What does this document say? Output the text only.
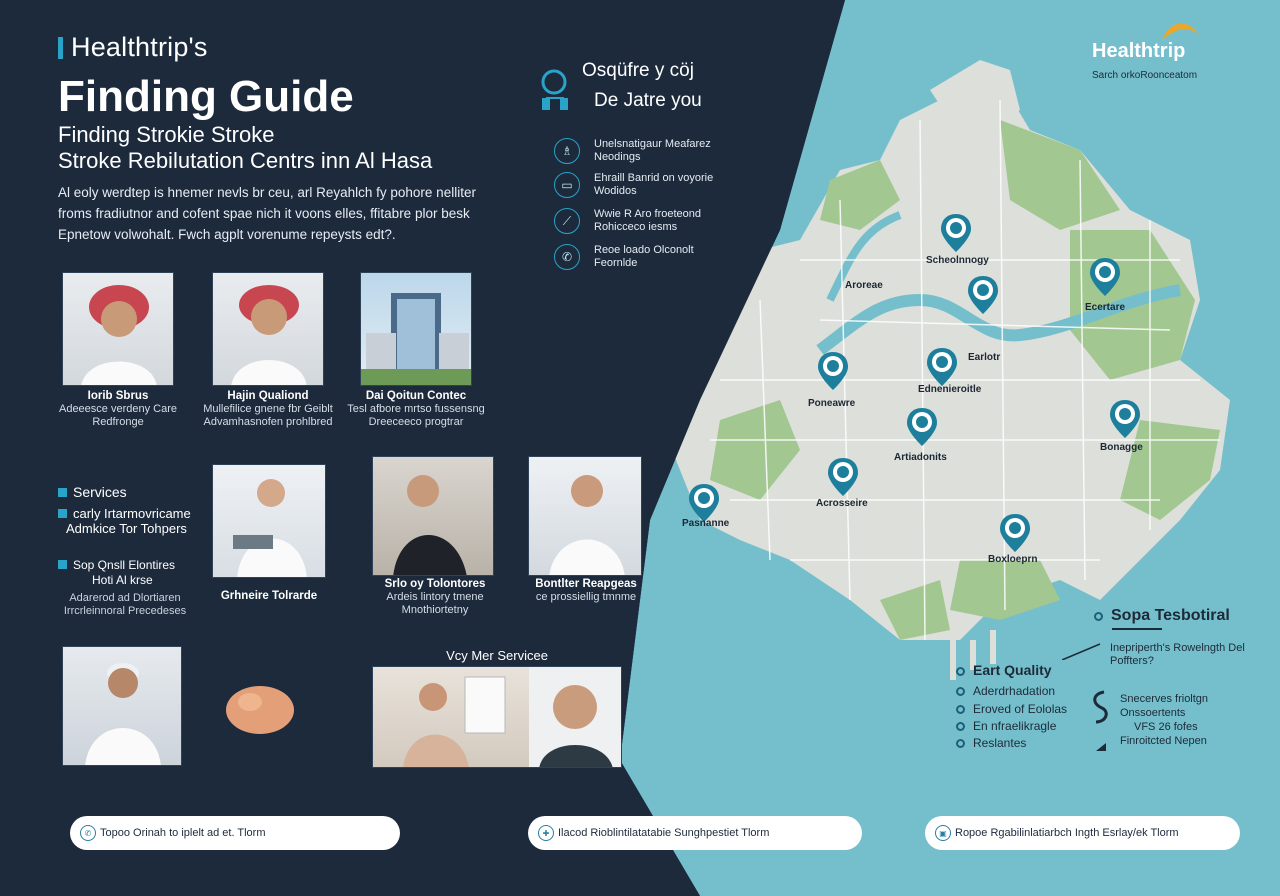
Healthtrip's
Finding Guide
Finding Strokie Stroke
Stroke Rebilutation Centrs inn Al Hasa
Al eoly werdtep is hnemer nevls br ceu, arl Reyahlch fy pohore nelliter froms fradiutnor and cofent spae nich it voons elles, ffitabre plor besk Epnetow volwohalt. Fwch agplt vorenume repeysts edt?.
Osqüfre y cöj
De Jatre you
♗	Unelsnatigaur Meafarez Neodings
▭	Ehraill Banrid on voyorie Wodidos
⟋	Wwie R Aro froeteond Rohicceco iesms
✆	Reoe loado Olconolt Feornlde
Iorib Sbrus
Adeeesce verdeny Care Redfronge
Hajin Qualiond
Mullefilice gnene fbr Geiblt Advamhasnofen prohlbred
Dai Qoitun Contec
Tesl afbore mrtso fussensng Dreeceeco progtrar
Services
carly Irtarmovricame
Admkice Tor Tohpers
Sop Qnsll Elontires
Hoti Al krse
Adarerod ad Dlortiaren Irrcrleinnoral Precedeses
Grhneire Tolrarde
Srlo oy Tolontores
Ardeis lintory tmene Mnothiortetny
Bontlter Reapgeas
ce prossiellig tmnme
Vcy Mer Servicee
Healthtrip
Sarch orkoRoonceatom
Scheolnnogy
Aroreae
Ecertare
Earlotr
Pasnanne
Ednenieroitle
Artiadonits
Bonagge
Acrosseire
Poneawre
Boxloeprn
Sopa Tesbotiral
Inepriperth's Rowelngth Del Poffters?
Eart Quality
Aderdrhadation
Eroved of Eololas
En nfraelikragle
Reslantes
Snecerves frioltgn
Onssoertents
VFS 26 fofes
Finroitcted Nepen
✆ Topoo Orinah to iplelt ad et. Tlorm	✚ Ilacod Rioblintilatatabie Sunghpestiet Tlorm	▣ Ropoe Rgabilinlatiarbch Ingth Esrlay/ek Tlorm
